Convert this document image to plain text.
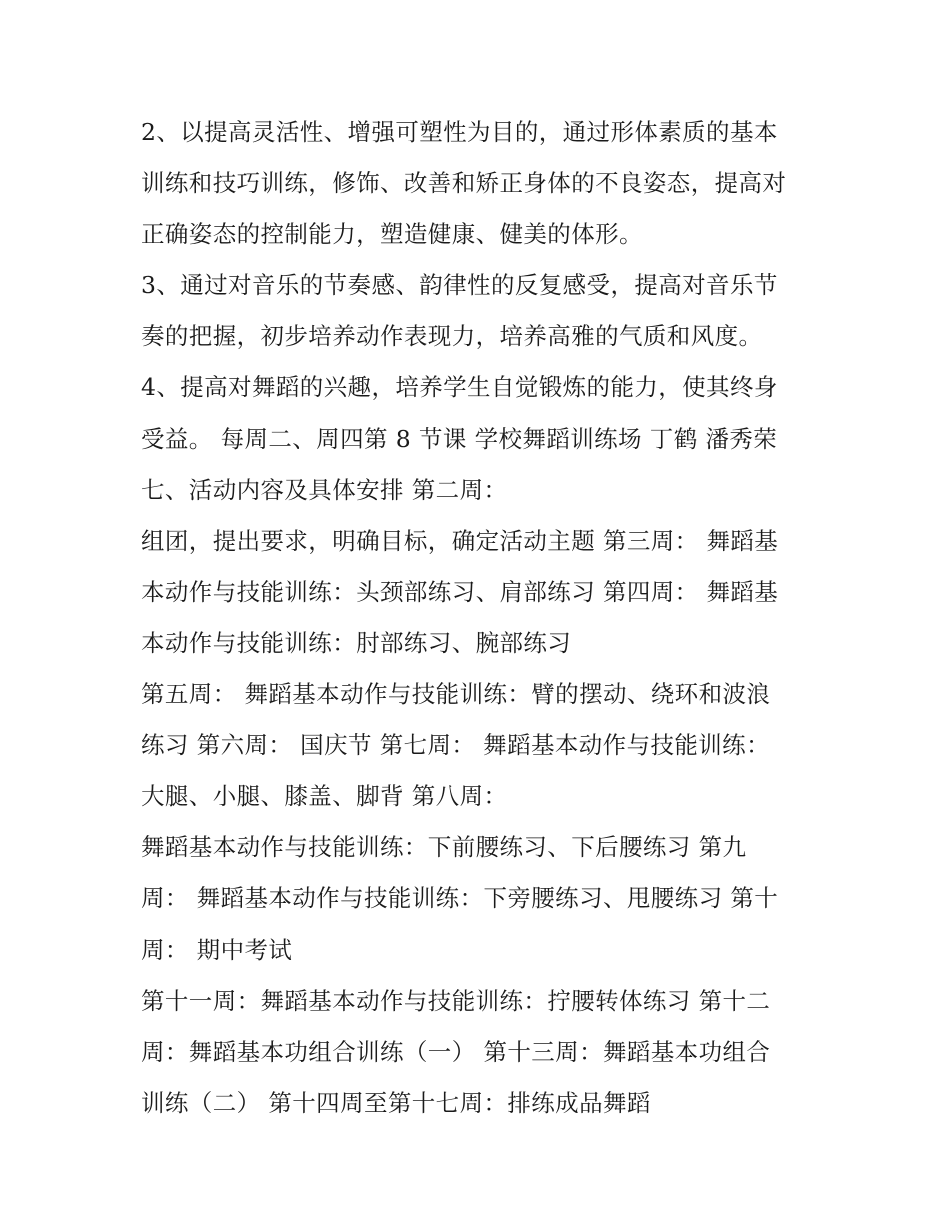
2、以提高灵活性、增强可塑性为目的，通过形体素质的基本
训练和技巧训练，修饰、改善和矫正身体的不良姿态，提高对
正确姿态的控制能力，塑造健康、健美的体形。
3、通过对音乐的节奏感、韵律性的反复感受，提高对音乐节
奏的把握，初步培养动作表现力，培养高雅的气质和风度。
4、提高对舞蹈的兴趣，培养学生自觉锻炼的能力，使其终身
受益。 每周二、周四第 8 节课 学校舞蹈训练场 丁鹤 潘秀荣
七、活动内容及具体安排 第二周：
组团，提出要求，明确目标，确定活动主题 第三周： 舞蹈基
本动作与技能训练：头颈部练习、肩部练习 第四周： 舞蹈基
本动作与技能训练：肘部练习、腕部练习
第五周： 舞蹈基本动作与技能训练：臂的摆动、绕环和波浪
练习 第六周： 国庆节 第七周： 舞蹈基本动作与技能训练：
大腿、小腿、膝盖、脚背 第八周：
舞蹈基本动作与技能训练：下前腰练习、下后腰练习 第九
周： 舞蹈基本动作与技能训练：下旁腰练习、甩腰练习 第十
周： 期中考试
第十一周：舞蹈基本动作与技能训练：拧腰转体练习 第十二
周：舞蹈基本功组合训练（一） 第十三周：舞蹈基本功组合
训练（二） 第十四周至第十七周：排练成品舞蹈
